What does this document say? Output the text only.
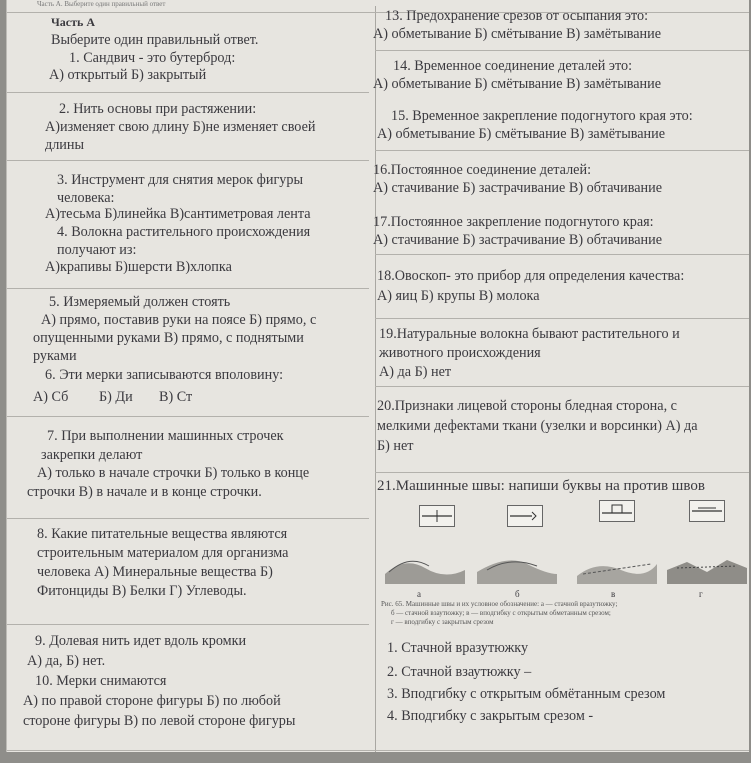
Часть А. Выберите один правильный ответ
Часть А
Выберите один правильный ответ.
1. Сандвич - это бутерброд:
А) открытый Б) закрытый
2. Нить основы при растяжении:
А)изменяет свою длину Б)не изменяет своей
длины
3. Инструмент для снятия мерок фигуры
человека:
А)тесьма Б)линейка В)сантиметровая лента
4. Волокна растительного происхождения
получают из:
А)крапивы Б)шерсти В)хлопка
5. Измеряемый должен стоять
А) прямо, поставив руки на поясе Б) прямо, с
опущенными руками В) прямо, с поднятыми
руками
6. Эти мерки записываются вполовину:
А) Сб Б) Ди В) Ст
7. При выполнении машинных строчек
закрепки делают
А) только в начале строчки Б) только в конце
строчки В) в начале и в конце строчки.
8. Какие питательные вещества являются
строительным материалом для организма
человека А) Минеральные вещества Б)
Фитонциды В) Белки Г) Углеводы.
9. Долевая нить идет вдоль кромки
А) да, Б) нет.
10. Мерки снимаются
А) по правой стороне фигуры Б) по любой
стороне фигуры В) по левой стороне фигуры
13. Предохранение срезов от осыпания это:
А) обметывание Б) смётывание В) замётывание
14. Временное соединение деталей это:
А) обметывание Б) смётывание В) замётывание
15. Временное закрепление подогнутого края это:
А) обметывание Б) смётывание В) замётывание
16.Постоянное соединение деталей:
А) стачивание Б) застрачивание В) обтачивание
17.Постоянное закрепление подогнутого края:
А) стачивание Б) застрачивание В) обтачивание
18.Овоскоп- это прибор для определения качества:
А) яиц Б) крупы В) молока
19.Натуральные волокна бывают растительного и
животного происхождения
А) да Б) нет
20.Признаки лицевой стороны бледная сторона, с
мелкими дефектами ткани (узелки и ворсинки) А) да
Б) нет
21.Машинные швы: напиши буквы на против швов
а	б	в	г
Рис. 65. Машинные швы и их условное обозначение: а — стачной вразутюжку;
б — стачной взаутюжку; в — вподгибку с открытым обметанным срезом;
г — вподгибку с закрытым срезом
1. Стачной вразутюжку
2. Стачной взаутюжку –
3. Вподгибку с открытым обмётанным срезом
4. Вподгибку с закрытым срезом -
